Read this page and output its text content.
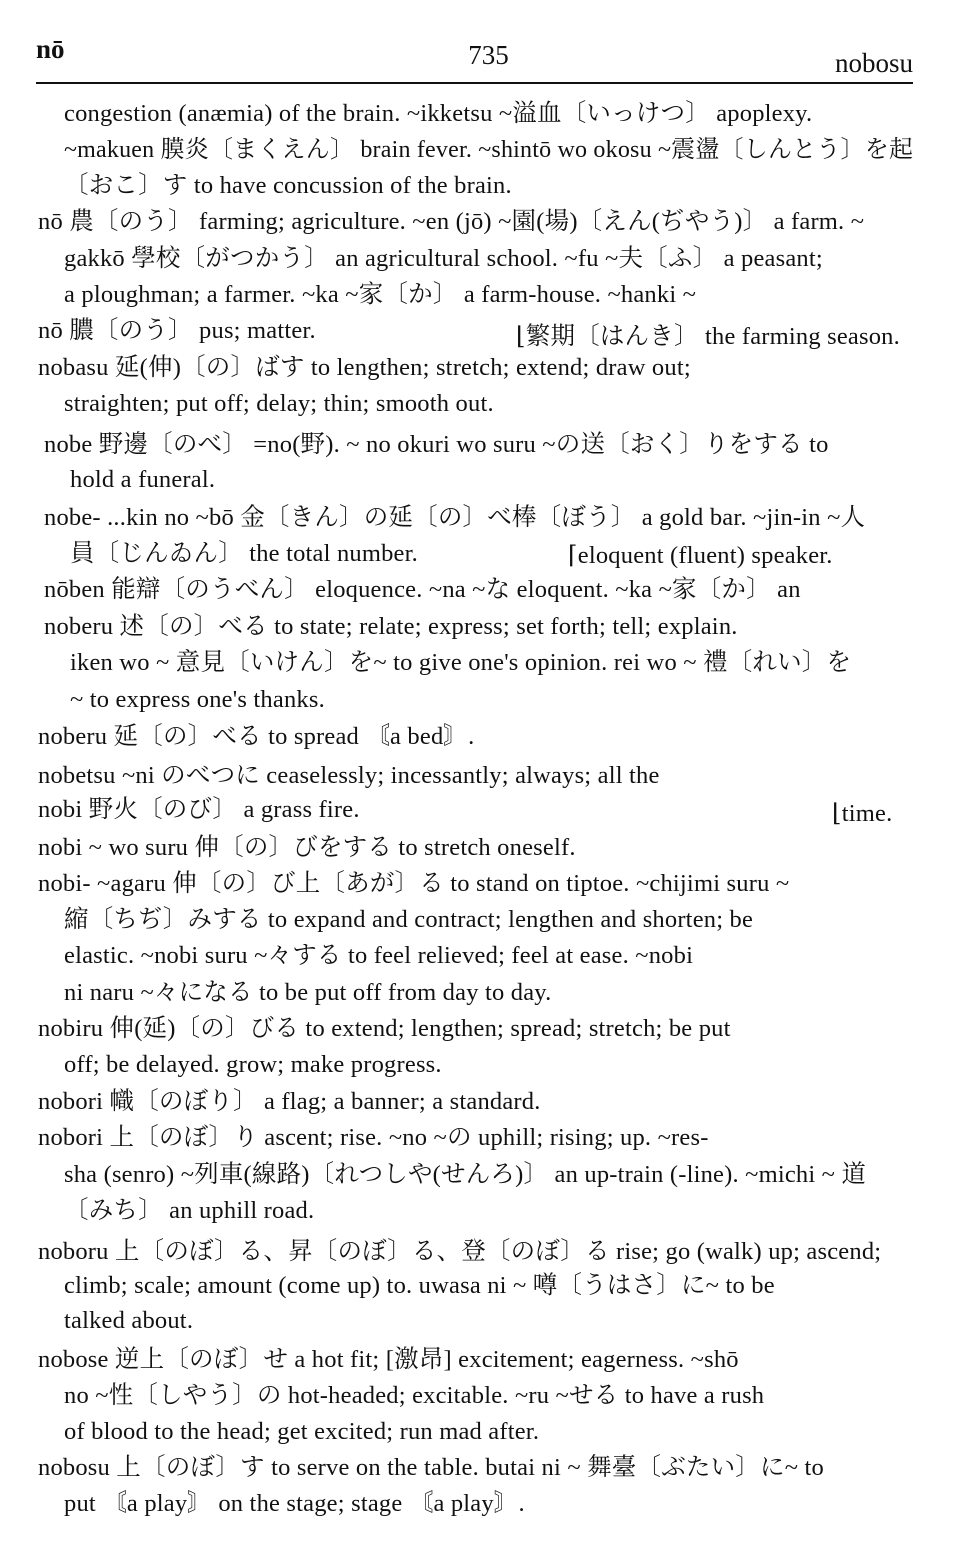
nō	735	nobosu
congestion (anæmia) of the brain. ~ikketsu ~溢血〔いっけつ〕 apoplexy.
~makuen 膜炎〔まくえん〕 brain fever. ~shintō wo okosu ~震盪〔しんとう〕を起
〔おこ〕す to have concussion of the brain.
nō 農〔のう〕 farming; agriculture. ~en (jō) ~園(場)〔えん(ぢやう)〕 a farm. ~
gakkō 學校〔がつかう〕 an agricultural school. ~fu ~夫〔ふ〕 a peasant;
a ploughman; a farmer. ~ka ~家〔か〕 a farm-house. ~hanki ~
nō 膿〔のう〕 pus; matter.	⌊繁期〔はんき〕 the farming season.
nobasu 延(伸)〔の〕ばす to lengthen; stretch; extend; draw out;
straighten; put off; delay; thin; smooth out.
nobe 野邊〔のべ〕 =no(野). ~ no okuri wo suru ~の送〔おく〕りをする to
hold a funeral.
nobe- ...kin no ~bō 金〔きん〕の延〔の〕べ棒〔ぼう〕 a gold bar. ~jin-in ~人
員〔じんゐん〕 the total number.	⌈eloquent (fluent) speaker.
nōben 能辯〔のうべん〕 eloquence. ~na ~な eloquent. ~ka ~家〔か〕 an
noberu 述〔の〕べる to state; relate; express; set forth; tell; explain.
iken wo ~ 意見〔いけん〕を~ to give one's opinion. rei wo ~ 禮〔れい〕を
~ to express one's thanks.
noberu 延〔の〕べる to spread 〘a bed〙.
nobetsu ~ni のべつに ceaselessly; incessantly; always; all the
nobi 野火〔のび〕 a grass fire.	⌊time.
nobi ~ wo suru 伸〔の〕びをする to stretch oneself.
nobi- ~agaru 伸〔の〕び上〔あが〕る to stand on tiptoe. ~chijimi suru ~
縮〔ちぢ〕みする to expand and contract; lengthen and shorten; be
elastic. ~nobi suru ~々する to feel relieved; feel at ease. ~nobi
ni naru ~々になる to be put off from day to day.
nobiru 伸(延)〔の〕びる to extend; lengthen; spread; stretch; be put
off; be delayed. grow; make progress.
nobori 幟〔のぼり〕 a flag; a banner; a standard.
nobori 上〔のぼ〕り ascent; rise. ~no ~の uphill; rising; up. ~res-
sha (senro) ~列車(線路)〔れつしや(せんろ)〕 an up-train (-line). ~michi ~ 道
〔みち〕 an uphill road.
noboru 上〔のぼ〕る、昇〔のぼ〕る、登〔のぼ〕る rise; go (walk) up; ascend;
climb; scale; amount (come up) to. uwasa ni ~ 噂〔うはさ〕に~ to be
talked about.
nobose 逆上〔のぼ〕せ a hot fit; [激昂] excitement; eagerness. ~shō
no ~性〔しやう〕の hot-headed; excitable. ~ru ~せる to have a rush
of blood to the head; get excited; run mad after.
nobosu 上〔のぼ〕す to serve on the table. butai ni ~ 舞臺〔ぶたい〕に~ to
put 〘a play〙 on the stage; stage 〘a play〙.
